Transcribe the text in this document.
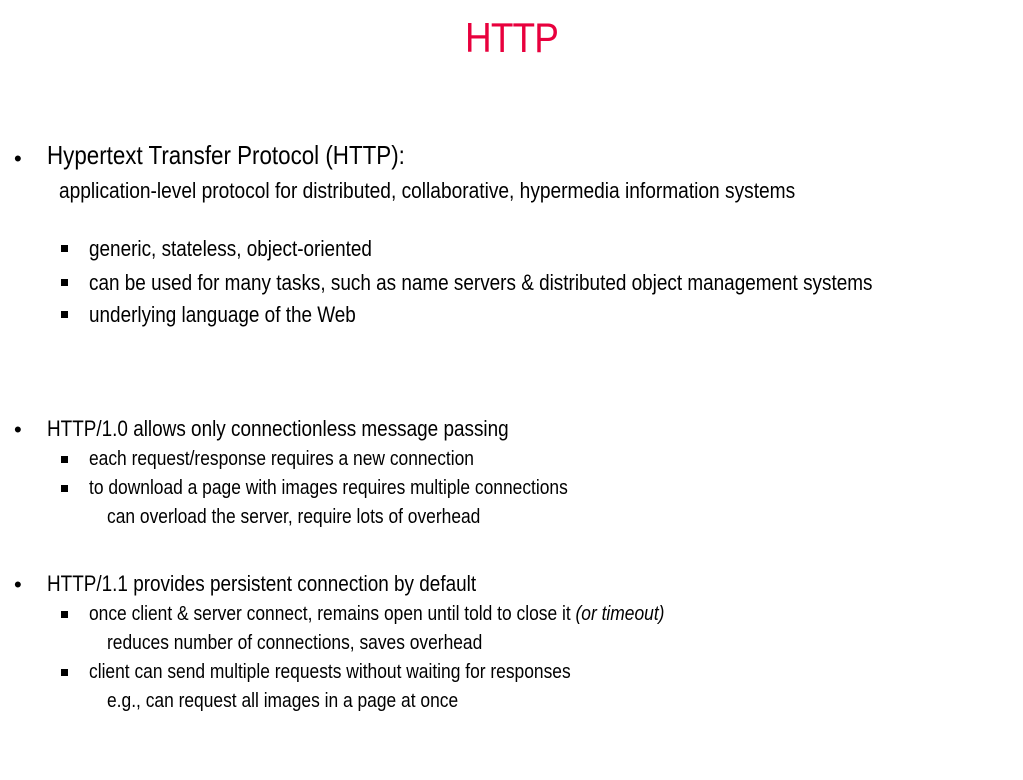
HTTP
• Hypertext Transfer Protocol (HTTP):
application-level protocol for distributed, collaborative, hypermedia information systems
generic, stateless, object-oriented
can be used for many tasks, such as name servers & distributed object management systems
underlying language of the Web
• HTTP/1.0 allows only connectionless message passing
each request/response requires a new connection
to download a page with images requires multiple connections
can overload the server, require lots of overhead
• HTTP/1.1 provides persistent connection by default
once client & server connect, remains open until told to close it (or timeout)
reduces number of connections, saves overhead
client can send multiple requests without waiting for responses
e.g., can request all images in a page at once
